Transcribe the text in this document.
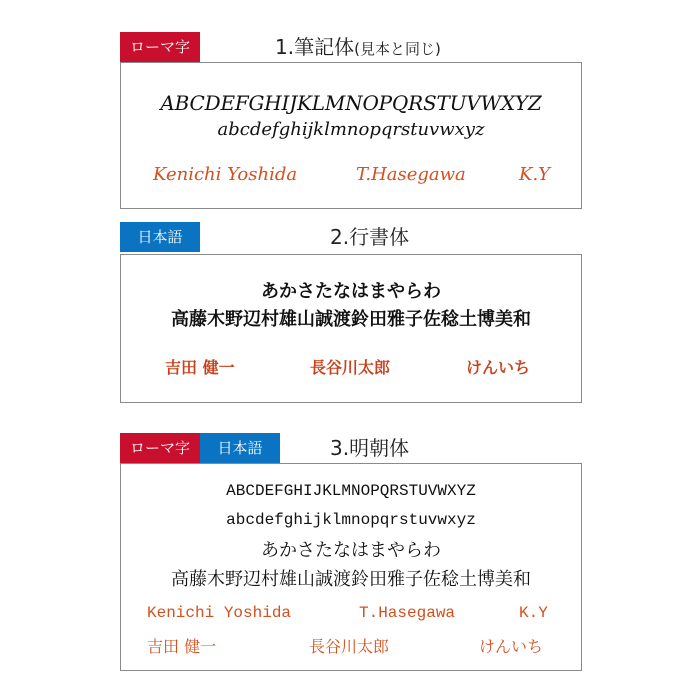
ローマ字	1.筆記体(見本と同じ)
ABCDEFGHIJKLMNOPQRSTUVWXYZ
abcdefghijklmnopqrstuvwxyz
Kenichi Yoshida	T.Hasegawa	K.Y
日本語	2.行書体
あかさたなはまやらわ
高藤木野辺村雄山誠渡鈴田雅子佐稔土博美和
吉田 健一	長谷川太郎	けんいち
ローマ字	日本語	3.明朝体
ABCDEFGHIJKLMNOPQRSTUVWXYZ
abcdefghijklmnopqrstuvwxyz
あかさたなはまやらわ
高藤木野辺村雄山誠渡鈴田雅子佐稔土博美和
Kenichi Yoshida	T.Hasegawa	K.Y
吉田 健一	長谷川太郎	けんいち
